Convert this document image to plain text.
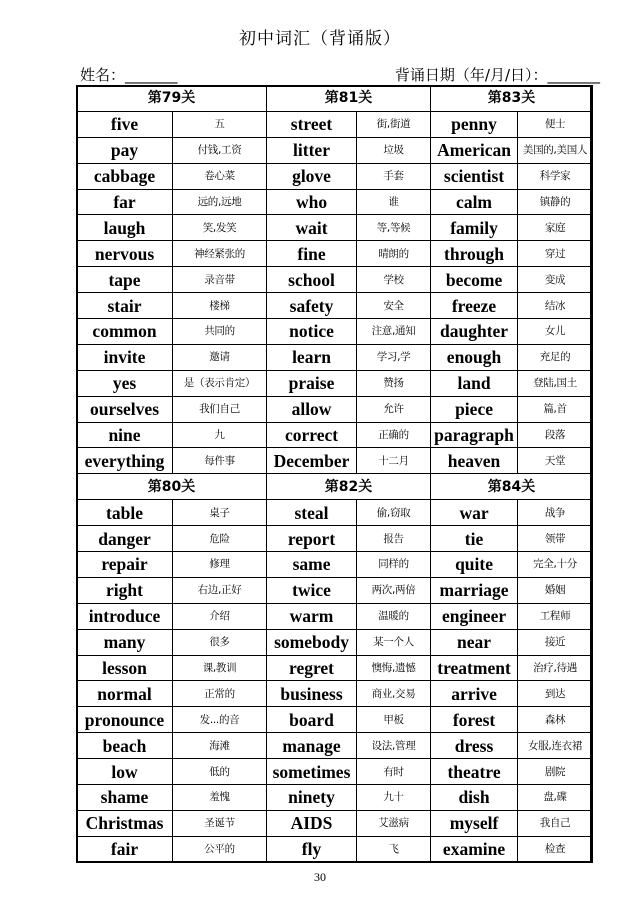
初中词汇（背诵版）
姓名：_______	背诵日期（年/月/日）：_______
第79关		第81关		第83关	
five	五	street	街,街道	penny	便士
pay	付钱,工资	litter	垃圾	American	美国的,美国人
cabbage	卷心菜	glove	手套	scientist	科学家
far	远的,远地	who	谁	calm	镇静的
laugh	笑,发笑	wait	等,等候	family	家庭
nervous	神经紧张的	fine	晴朗的	through	穿过
tape	录音带	school	学校	become	变成
stair	楼梯	safety	安全	freeze	结冰
common	共同的	notice	注意,通知	daughter	女儿
invite	邀请	learn	学习,学	enough	充足的
yes	是（表示肯定）	praise	赞扬	land	登陆,国土
ourselves	我们自己	allow	允许	piece	篇,首
nine	九	correct	正确的	paragraph	段落
everything	每件事	December	十二月	heaven	天堂
第80关		第82关		第84关	
table	桌子	steal	偷,窃取	war	战争
danger	危险	report	报告	tie	领带
repair	修理	same	同样的	quite	完全,十分
right	右边,正好	twice	两次,两倍	marriage	婚姻
introduce	介绍	warm	温暖的	engineer	工程师
many	很多	somebody	某一个人	near	接近
lesson	课,教训	regret	懊悔,遗憾	treatment	治疗,待遇
normal	正常的	business	商业,交易	arrive	到达
pronounce	发...的音	board	甲板	forest	森林
beach	海滩	manage	设法,管理	dress	女服,连衣裙
low	低的	sometimes	有时	theatre	剧院
shame	羞愧	ninety	九十	dish	盘,碟
Christmas	圣诞节	AIDS	艾滋病	myself	我自己
fair	公平的	fly	飞	examine	检查
30
